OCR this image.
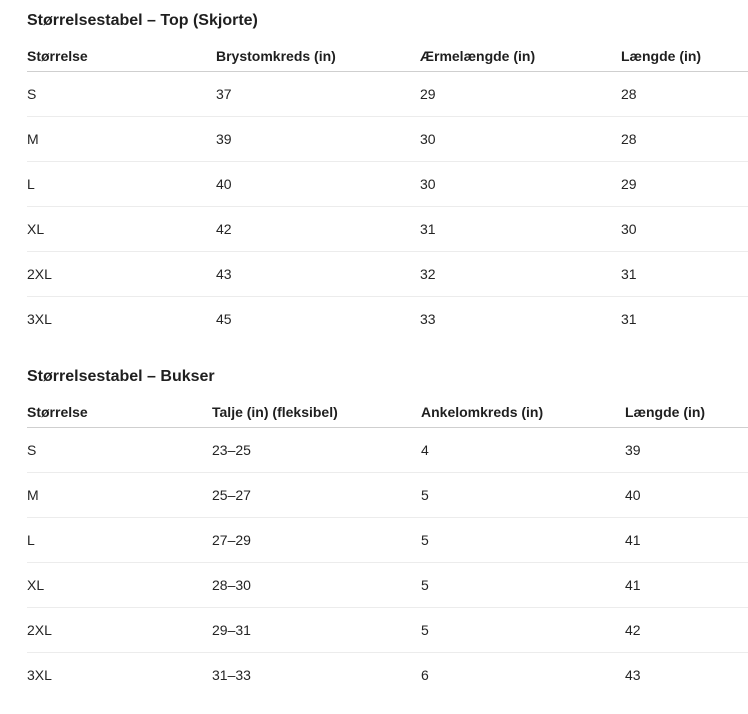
Størrelsestabel – Top (Skjorte)
Størrelse	Brystomkreds (in)	Ærmelængde (in)	Længde (in)
S	37	29	28
M	39	30	28
L	40	30	29
XL	42	31	30
2XL	43	32	31
3XL	45	33	31
Størrelsestabel – Bukser
Størrelse	Talje (in) (fleksibel)	Ankelomkreds (in)	Længde (in)
S	23–25	4	39
M	25–27	5	40
L	27–29	5	41
XL	28–30	5	41
2XL	29–31	5	42
3XL	31–33	6	43
